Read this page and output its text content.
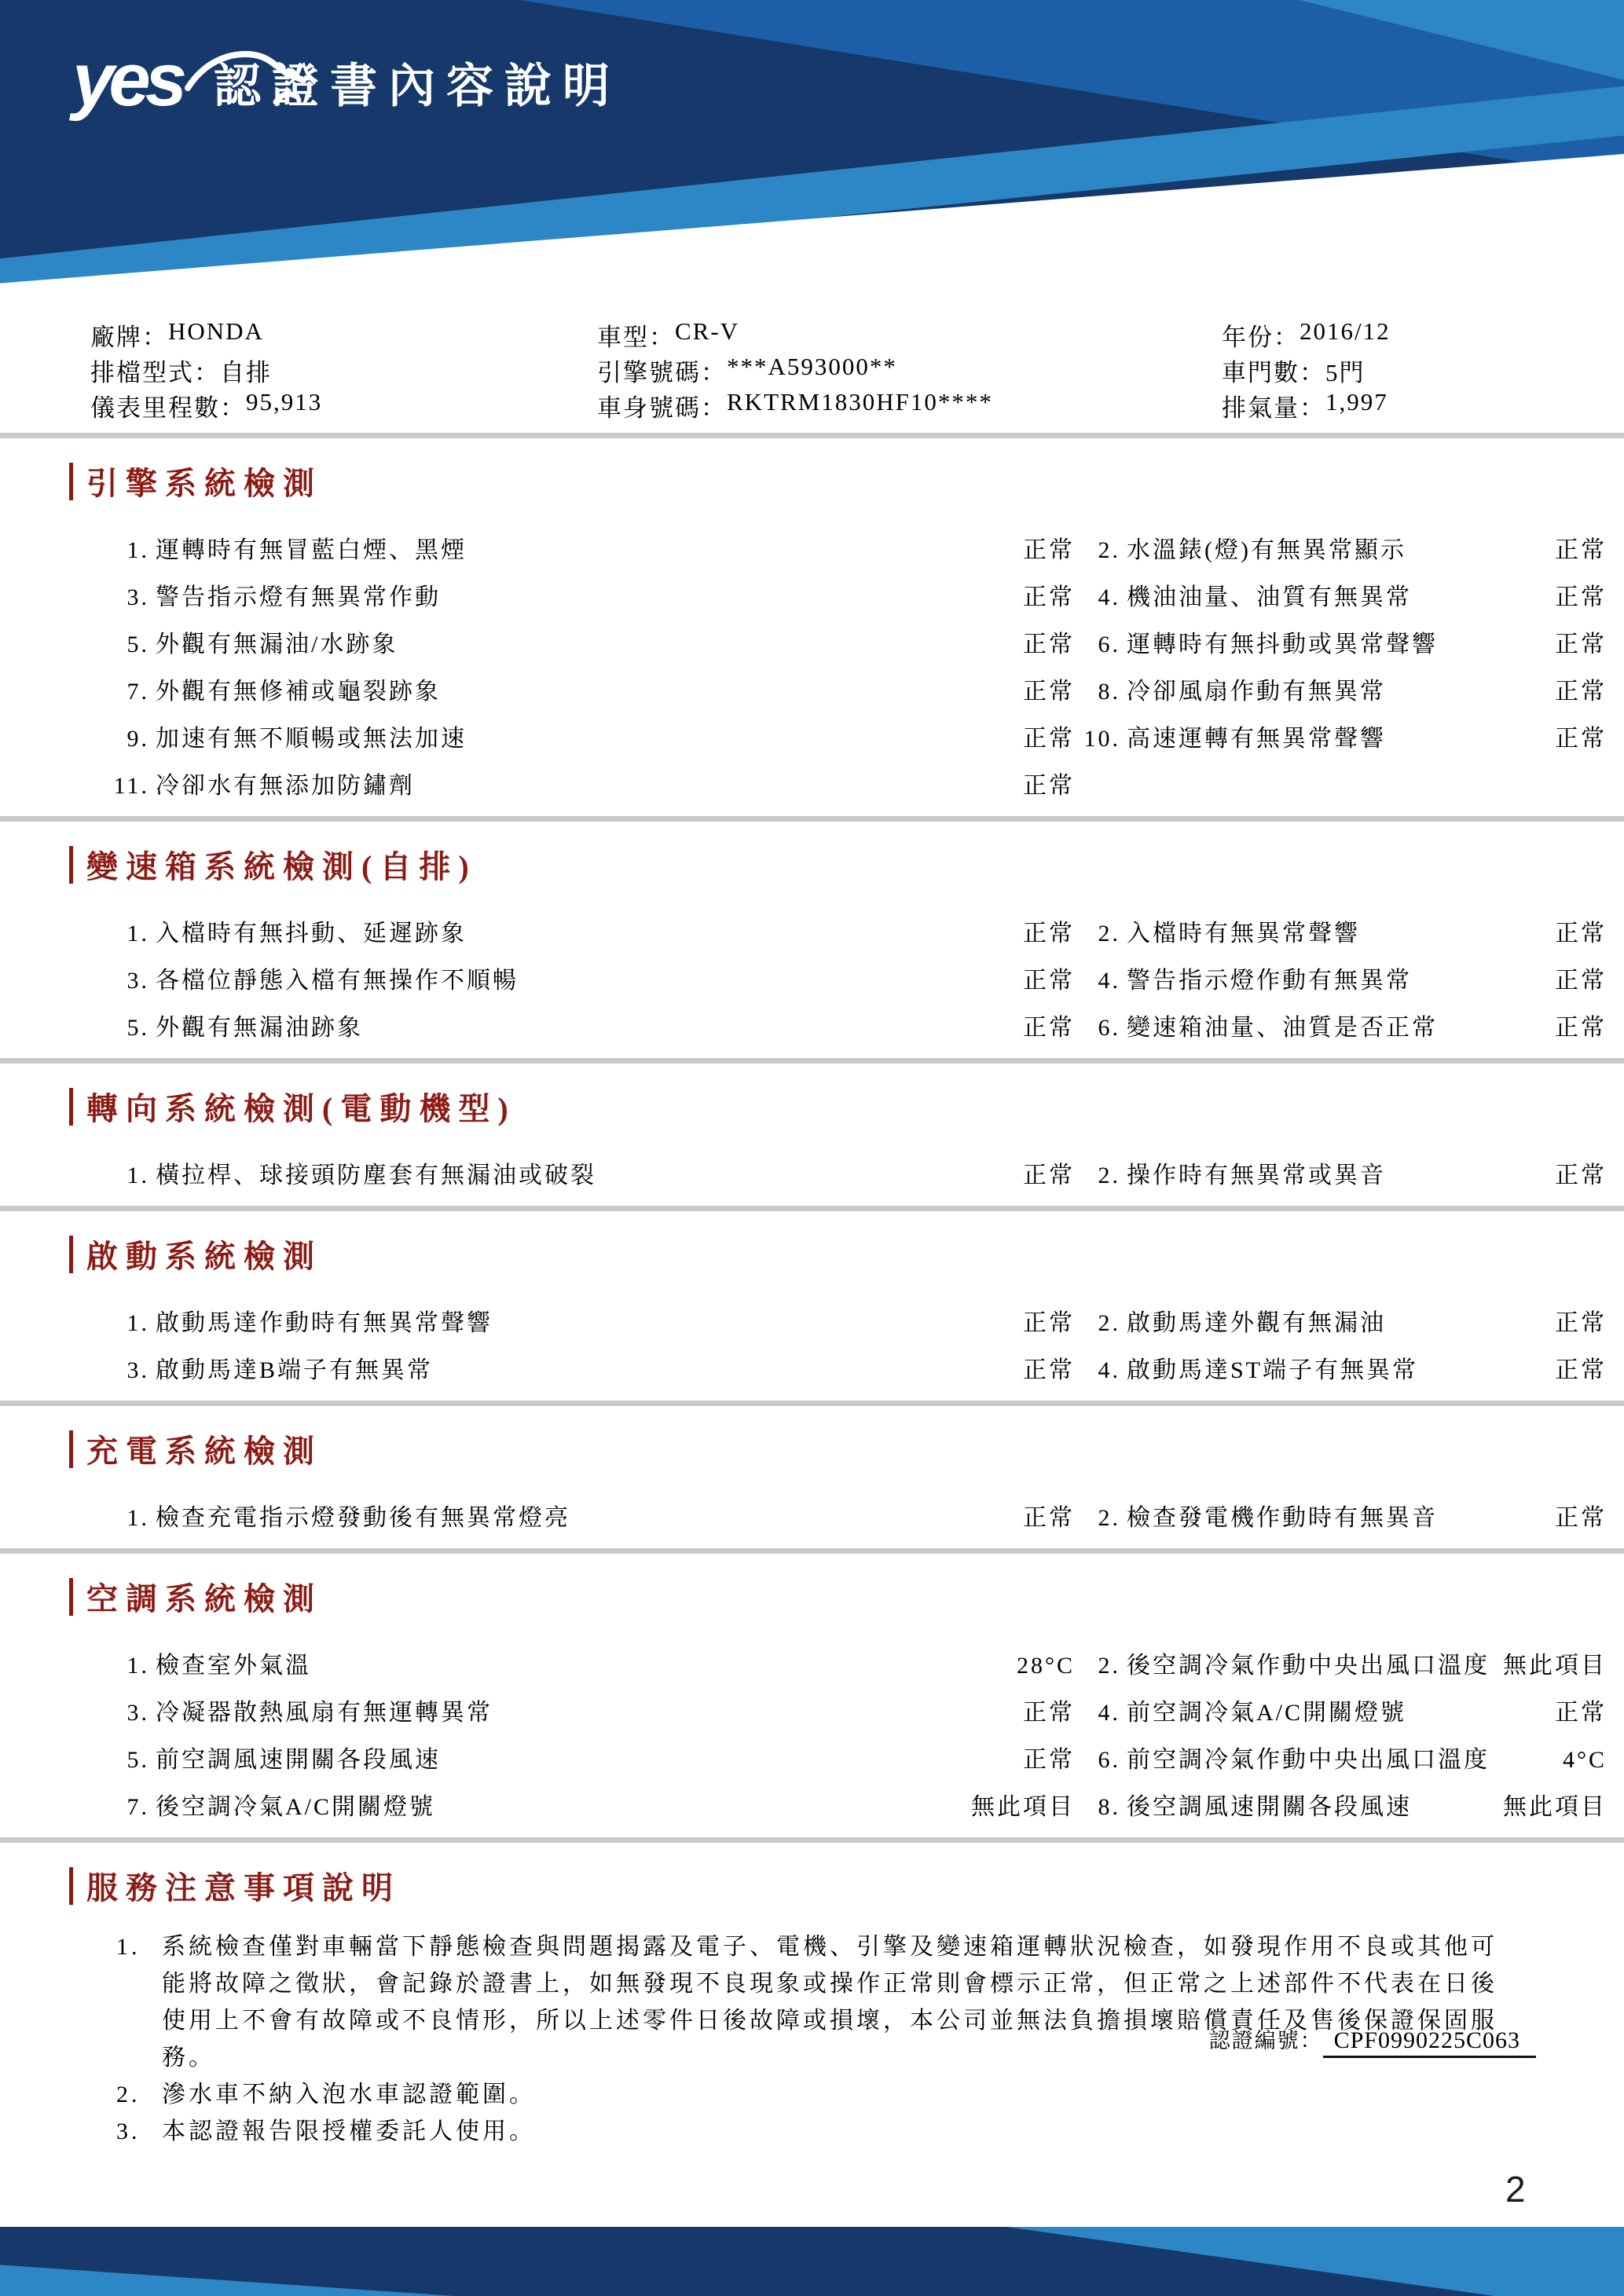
yes 認證書內容說明
廠牌： HONDA	車型： CR-V	年份： 2016/12
排檔型式： 自排	引擎號碼： ***A593000**	車門數： 5門
儀表里程數： 95,913	車身號碼： RKTRM1830HF10****	排氣量： 1,997
引擎系統檢測
1. 運轉時有無冒藍白煙、黑煙	正常 2. 水溫錶(燈)有無異常顯示	正常
3. 警告指示燈有無異常作動	正常 4. 機油油量、油質有無異常	正常
5. 外觀有無漏油/水跡象	正常 6. 運轉時有無抖動或異常聲響	正常
7. 外觀有無修補或龜裂跡象	正常 8. 冷卻風扇作動有無異常	正常
9. 加速有無不順暢或無法加速	正常 10. 高速運轉有無異常聲響	正常
11. 冷卻水有無添加防鏽劑	正常
變速箱系統檢測(自排)
1. 入檔時有無抖動、延遲跡象	正常 2. 入檔時有無異常聲響	正常
3. 各檔位靜態入檔有無操作不順暢	正常 4. 警告指示燈作動有無異常	正常
5. 外觀有無漏油跡象	正常 6. 變速箱油量、油質是否正常	正常
轉向系統檢測(電動機型)
1. 橫拉桿、球接頭防塵套有無漏油或破裂	正常 2. 操作時有無異常或異音	正常
啟動系統檢測
1. 啟動馬達作動時有無異常聲響	正常 2. 啟動馬達外觀有無漏油	正常
3. 啟動馬達B端子有無異常	正常 4. 啟動馬達ST端子有無異常	正常
充電系統檢測
1. 檢查充電指示燈發動後有無異常燈亮	正常 2. 檢查發電機作動時有無異音	正常
空調系統檢測
1. 檢查室外氣溫	28°C 2. 後空調冷氣作動中央出風口溫度 無此項目
3. 冷凝器散熱風扇有無運轉異常	正常 4. 前空調冷氣A/C開關燈號	正常
5. 前空調風速開關各段風速	正常 6. 前空調冷氣作動中央出風口溫度	4°C
7. 後空調冷氣A/C開關燈號	無此項目 8. 後空調風速開關各段風速	無此項目
服務注意事項說明
1. 系統檢查僅對車輛當下靜態檢查與問題揭露及電子、電機、引擎及變速箱運轉狀況檢查，如發現作用不良或其他可能將故障之徵狀，會記錄於證書上，如無發現不良現象或操作正常則會標示正常，但正常之上述部件不代表在日後使用上不會有故障或不良情形，所以上述零件日後故障或損壞，本公司並無法負擔損壞賠償責任及售後保證保固服務。
2. 滲水車不納入泡水車認證範圍。
3. 本認證報告限授權委託人使用。
認證編號： CPF0990225C063
2
